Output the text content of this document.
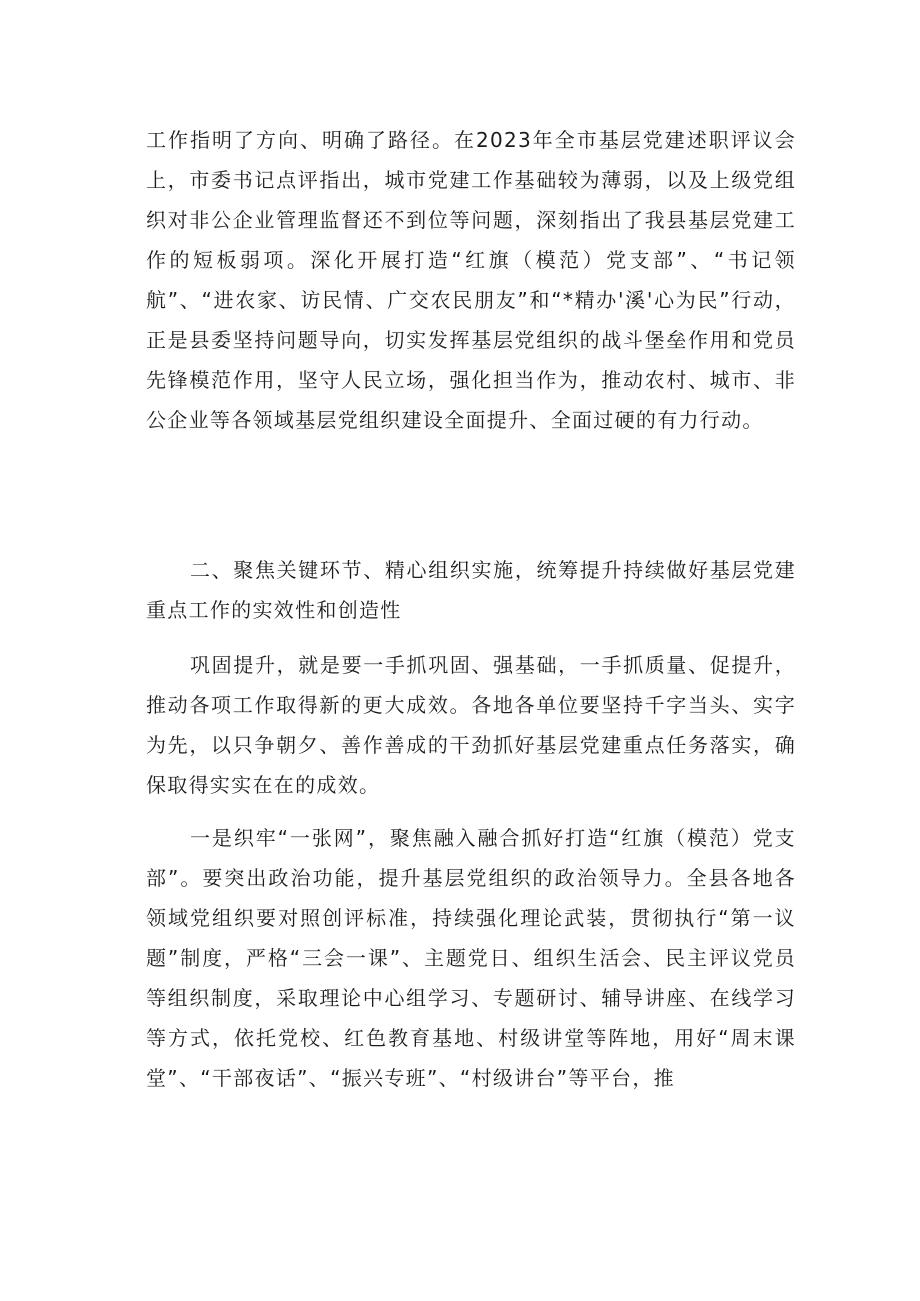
工作指明了方向、明确了路径。在2023年全市基层党建述职评议会上，市委书记点评指出，城市党建工作基础较为薄弱，以及上级党组织对非公企业管理监督还不到位等问题，深刻指出了我县基层党建工作的短板弱项。深化开展打造“红旗（模范）党支部”、“书记领航”、“进农家、访民情、广交农民朋友”和“*精办'溪'心为民”行动，正是县委坚持问题导向，切实发挥基层党组织的战斗堡垒作用和党员先锋模范作用，坚守人民立场，强化担当作为，推动农村、城市、非公企业等各领域基层党组织建设全面提升、全面过硬的有力行动。

二、聚焦关键环节、精心组织实施，统筹提升持续做好基层党建重点工作的实效性和创造性

巩固提升，就是要一手抓巩固、强基础，一手抓质量、促提升，推动各项工作取得新的更大成效。各地各单位要坚持千字当头、实字为先，以只争朝夕、善作善成的干劲抓好基层党建重点任务落实，确保取得实实在在的成效。

一是织牢“一张网”，聚焦融入融合抓好打造“红旗（模范）党支部”。要突出政治功能，提升基层党组织的政治领导力。全县各地各领域党组织要对照创评标准，持续强化理论武装，贯彻执行“第一议题”制度，严格“三会一课”、主题党日、组织生活会、民主评议党员等组织制度，采取理论中心组学习、专题研讨、辅导讲座、在线学习等方式，依托党校、红色教育基地、村级讲堂等阵地，用好“周末课堂”、“干部夜话”、“振兴专班”、“村级讲台”等平台，推
